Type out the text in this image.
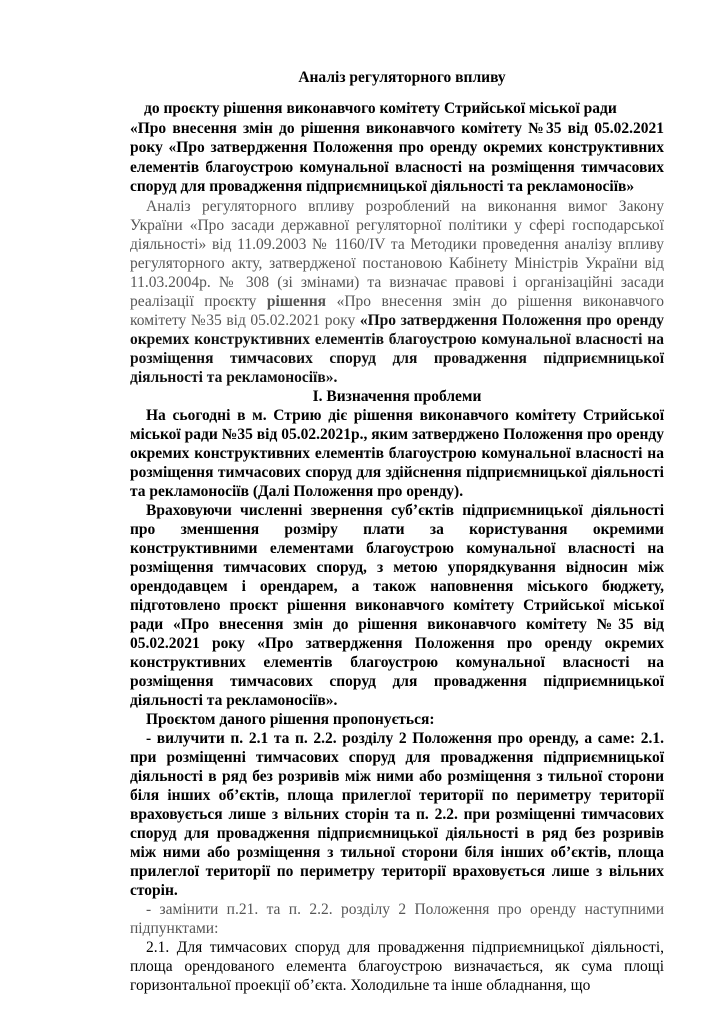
Аналіз регуляторного впливу
до проєкту рішення виконавчого комітету Стрийської міської ради
«Про внесення змін до рішення виконавчого комітету №35 від 05.02.2021 року «Про затвердження Положення про оренду окремих конструктивних елементів благоустрою комунальної власності на розміщення тимчасових споруд для провадження підприємницької діяльності та рекламоносіїв»

Аналіз регуляторного впливу розроблений на виконання вимог Закону України «Про засади державної регуляторної політики у сфері господарської діяльності» від 11.09.2003 № 1160/IV та Методики проведення аналізу впливу регуляторного акту, затвердженої постановою Кабінету Міністрів України від 11.03.2004р. № 308 (зі змінами) та визначає правові і організаційні засади реалізації проєкту рішення «Про внесення змін до рішення виконавчого комітету №35 від 05.02.2021 року «Про затвердження Положення про оренду окремих конструктивних елементів благоустрою комунальної власності на розміщення тимчасових споруд для провадження підприємницької діяльності та рекламоносіїв».

І. Визначення проблеми

На сьогодні в м. Стрию діє рішення виконавчого комітету Стрийської міської ради №35 від 05.02.2021р., яким затверджено Положення про оренду окремих конструктивних елементів благоустрою комунальної власності на розміщення тимчасових споруд для здійснення підприємницької діяльності та рекламоносіїв (Далі Положення про оренду).

Враховуючи численні звернення суб’єктів підприємницької діяльності про зменшення розміру плати за користування окремими конструктивними елементами благоустрою комунальної власності на розміщення тимчасових споруд, з метою упорядкування відносин між орендодавцем і орендарем, а також наповнення міського бюджету, підготовлено проєкт рішення виконавчого комітету Стрийської міської ради «Про внесення змін до рішення виконавчого комітету №35 від 05.02.2021 року «Про затвердження Положення про оренду окремих конструктивних елементів благоустрою комунальної власності на розміщення тимчасових споруд для провадження підприємницької діяльності та рекламоносіїв».

Проєктом даного рішення пропонується:

- вилучити п. 2.1 та п. 2.2. розділу 2 Положення про оренду, а саме: 2.1. при розміщенні тимчасових споруд для провадження підприємницької діяльності в ряд без розривів між ними або розміщення з тильної сторони біля інших об’єктів, площа прилеглої території по периметру території враховується лише з вільних сторін та п. 2.2. при розміщенні тимчасових споруд для провадження підприємницької діяльності в ряд без розривів між ними або розміщення з тильної сторони біля інших об’єктів, площа прилеглої території по периметру території враховується лише з вільних сторін.

- замінити п.21. та п. 2.2. розділу 2 Положення про оренду наступними підпунктами:

2.1. Для тимчасових споруд для провадження підприємницької діяльності, площа орендованого елемента благоустрою визначається, як сума площі горизонтальної проекції об’єкта. Холодильне та інше обладнання, що
